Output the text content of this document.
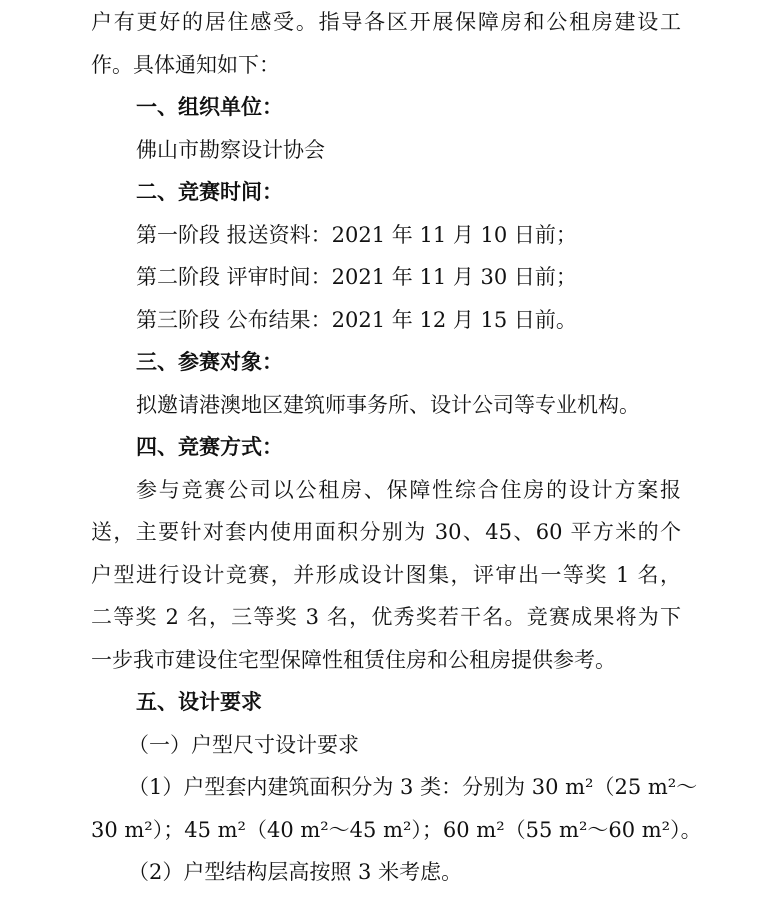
户有更好的居住感受。指导各区开展保障房和公租房建设工
作。具体通知如下：
一、组织单位：
佛山市勘察设计协会
二、竞赛时间：
第一阶段 报送资料：2021 年 11 月 10 日前；
第二阶段 评审时间：2021 年 11 月 30 日前；
第三阶段 公布结果：2021 年 12 月 15 日前。
三、参赛对象：
拟邀请港澳地区建筑师事务所、设计公司等专业机构。
四、竞赛方式：
参与竞赛公司以公租房、保障性综合住房的设计方案报
送，主要针对套内使用面积分别为 30、45、60 平方米的个
户型进行设计竞赛，并形成设计图集，评审出一等奖 1 名，
二等奖 2 名，三等奖 3 名，优秀奖若干名。竞赛成果将为下
一步我市建设住宅型保障性租赁住房和公租房提供参考。
五、设计要求
（一）户型尺寸设计要求
（1）户型套内建筑面积分为 3 类：分别为 30 m²（25 m²～
30 m²）；45 m²（40 m²～45 m²）；60 m²（55 m²～60 m²）。
（2）户型结构层高按照 3 米考虑。
